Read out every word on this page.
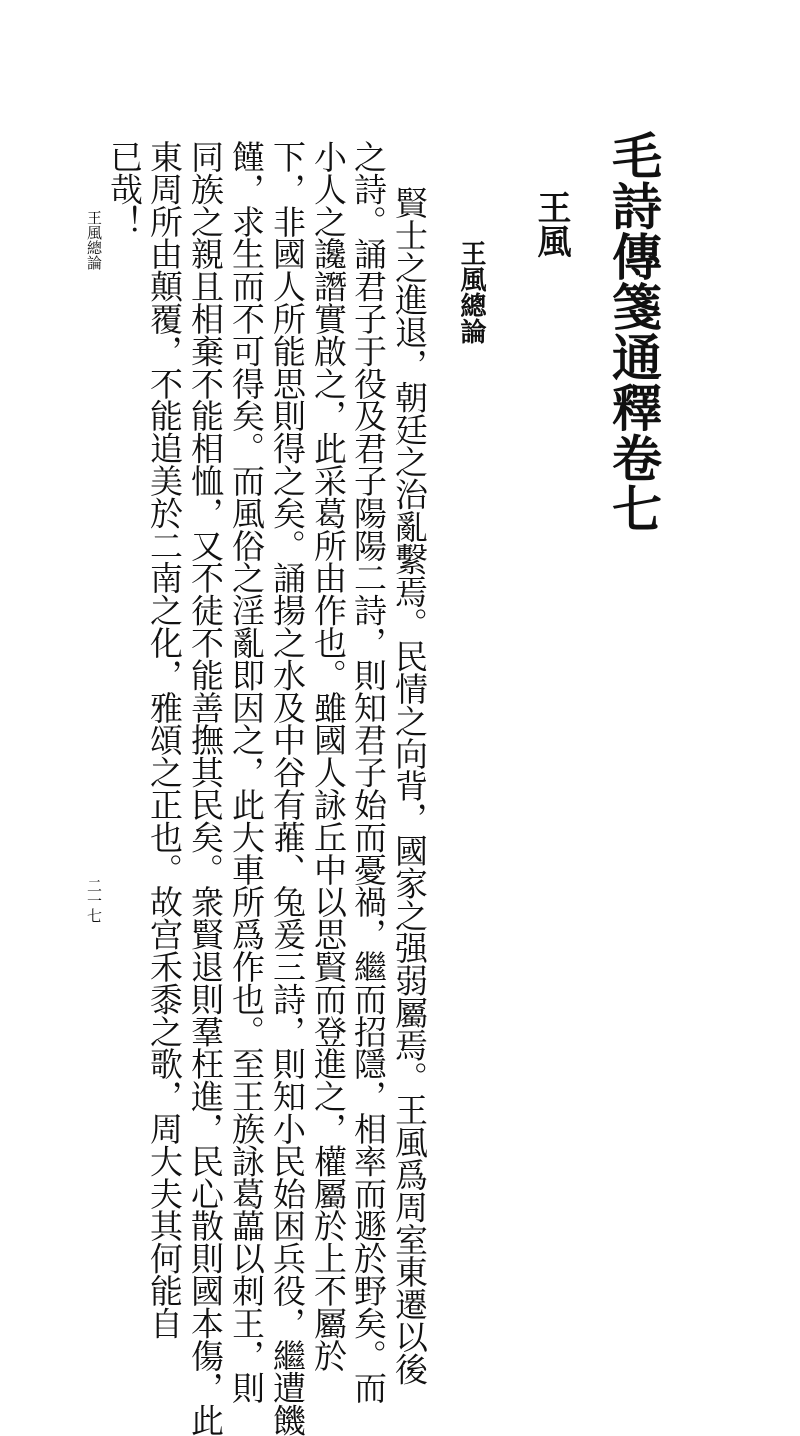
毛詩傳箋通釋卷七
王風
王風總論
賢士之進退，朝廷之治亂繫焉。民情之向背，國家之强弱屬焉。王風爲周室東遷以後
之詩。誦君子于役及君子陽陽二詩，則知君子始而憂禍，繼而招隱，相率而遯於野矣。而
小人之讒譖實啟之，此采葛所由作也。雖國人詠丘中以思賢而登進之，權屬於上不屬於
下，非國人所能思則得之矣。誦揚之水及中谷有蓷、兔爰三詩，則知小民始困兵役，繼遭饑
饉，求生而不可得矣。而風俗之淫亂即因之，此大車所爲作也。至王族詠葛藟以刺王，則
同族之親且相棄不能相恤，又不徒不能善撫其民矣。衆賢退則羣枉進，民心散則國本傷，此
東周所由顛覆，不能追美於二南之化，雅頌之正也。故宫禾黍之歌，周大夫其何能自
已哉！
王風總論
二一七
